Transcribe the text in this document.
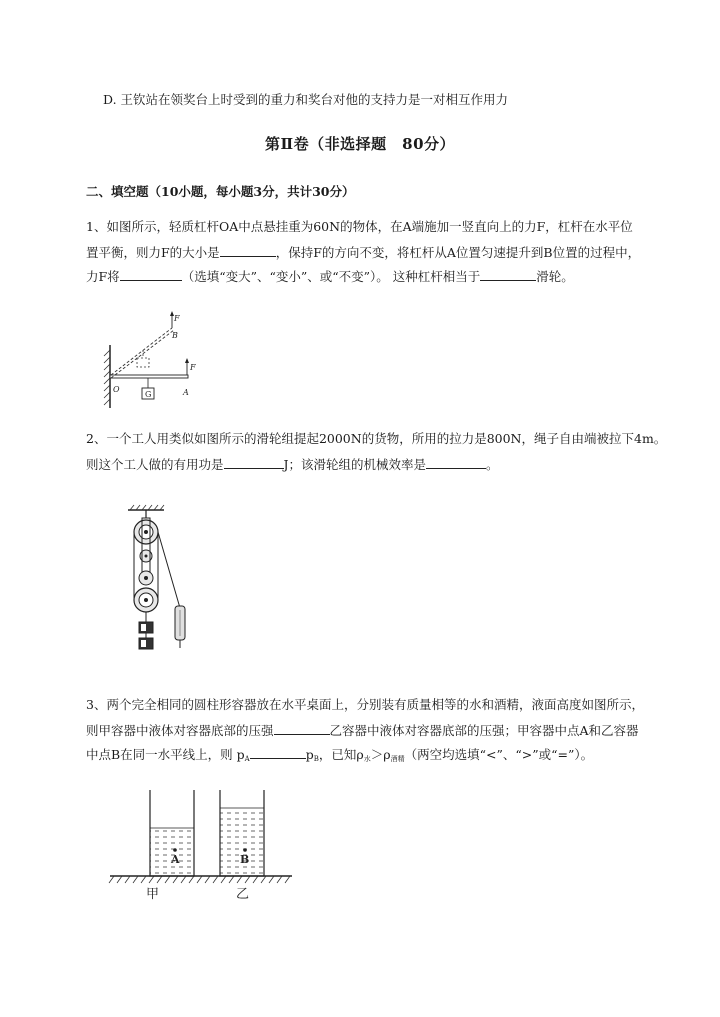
D. 王钦站在领奖台上时受到的重力和奖台对他的支持力是一对相互作用力
第Ⅱ卷（非选择题　80分）
二、填空题（10小题，每小题3分，共计30分）
1、如图所示，轻质杠杆OA中点悬挂重为60N的物体，在A端施加一竖直向上的力F，杠杆在水平位
置平衡，则力F的大小是	，保持F的方向不变，将杠杆从A位置匀速提升到B位置的过程中，
力F将	（选填“变大”、“变小”、或“不变”）。 这种杠杆相当于	滑轮。
G
F
F
B
O	A
2、一个工人用类似如图所示的滑轮组提起2000N的货物，所用的拉力是800N，绳子自由端被拉下4m。
则这个工人做的有用功是	J；该滑轮组的机械效率是	。
3、两个完全相同的圆柱形容器放在水平桌面上，分别装有质量相等的水和酒精，液面高度如图所示，
则甲容器中液体对容器底部的压强	乙容器中液体对容器底部的压强；甲容器中点A和乙容器
中点B在同一水平线上，则 $p_A$	$p_B$，已知$\rho_水>\rho_{酒精}$（两空均选填“<”、“>”或“=”）。
A	B
甲	乙
